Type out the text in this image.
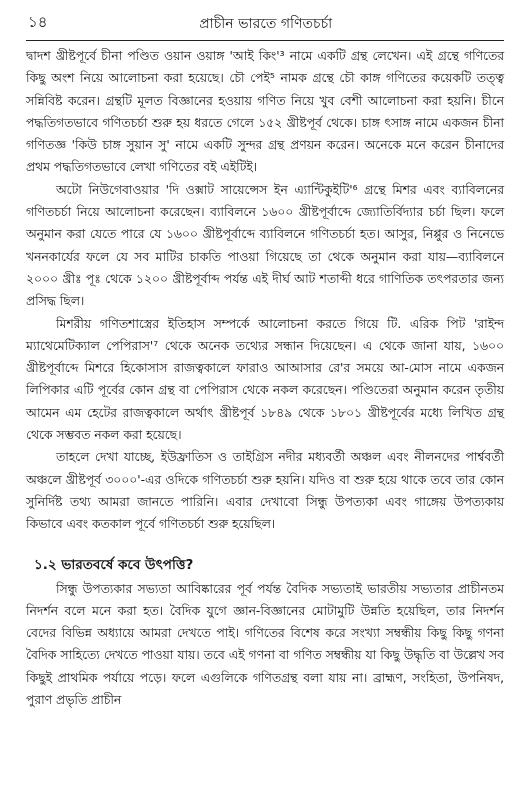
১৪	প্রাচীন ভারতে গণিতচর্চা

দ্বাদশ খ্রীষ্টপূর্বে চীনা পণ্ডিত ওয়ান ওয়াঙ্গ 'আই কিং'³ নামে একটি গ্রন্থ লেখেন। এই গ্রন্থে গণিতের কিছু অংশ নিয়ে আলোচনা করা হয়েছে। চৌ পেই⁵ নামক গ্রন্থে চৌ কাঙ্গ গণিতের কয়েকটি তত্ত্ব সন্নিবিষ্ট করেন। গ্রন্থটি মূলত বিজ্ঞানের হওয়ায় গণিত নিয়ে খুব বেশী আলোচনা করা হয়নি। চীনে পদ্ধতিগতভাবে গণিতচর্চা শুরু হয় ধরতে গেলে ১৫২ খ্রীষ্টপূর্ব থেকে। চাঙ্গ ৎসাঙ্গ নামে একজন চীনা গণিতজ্ঞ 'কিউ চাঙ্গ সুয়ান সু' নামে একটি সুন্দর গ্রন্থ প্রণয়ন করেন। অনেকে মনে করেন চীনাদের প্রথম পদ্ধতিগতভাবে লেখা গণিতের বই এইটিই।

অটো নিউগেবাওয়ার 'দি ওক্সাট সায়েন্সেস ইন এ্যান্টিকুইটি'⁶ গ্রন্থে মিশর এবং ব্যাবিলনের গণিতচর্চা নিয়ে আলোচনা করেছেন। ব্যাবিলনে ১৬০০ খ্রীষ্টপূর্বাব্দে জ্যোতির্বিদ্যার চর্চা ছিল। ফলে অনুমান করা যেতে পারে যে ১৬০০ খ্রীষ্টপূর্বাব্দে ব্যাবিলনে গণিতচর্চা হত। আসুর, নিপ্পুর ও নিনেভে খননকার্যের ফলে যে সব মাটির চাকতি পাওয়া গিয়েছে তা থেকে অনুমান করা যায়—ব্যাবিলনে ২০০০ খ্রীঃ পূঃ থেকে ১২০০ খ্রীষ্টপূর্বাব্দ পর্যন্ত এই দীর্ঘ আট শতাব্দী ধরে গাণিতিক তৎপরতার জন্য প্রসিদ্ধ ছিল।

মিশরীয় গণিতশাস্ত্রের ইতিহাস সম্পর্কে আলোচনা করতে গিয়ে টি. এরিক পিট 'রাইন্দ ম্যাথেমেটিক্যাল পেপিরাস'⁷ থেকে অনেক তথ্যের সন্ধান দিয়েছেন। এ থেকে জানা যায়, ১৬০০ খ্রীষ্টপূর্বাব্দে মিশরে হিকোসাস রাজত্বকালে ফারাও আআসার রে'র সময়ে আ-মোস নামে একজন লিপিকার এটি পূর্বের কোন গ্রন্থ বা পেপিরাস থেকে নকল করেছেন। পণ্ডিতেরা অনুমান করেন তৃতীয় আমেন এম হেটের রাজত্বকালে অর্থাৎ খ্রীষ্টপূর্ব ১৮৪৯ থেকে ১৮০১ খ্রীষ্টপূর্বের মধ্যে লিখিত গ্রন্থ থেকে সম্ভবত নকল করা হয়েছে।

তাহলে দেখা যাচ্ছে, ইউফ্রাতিস ও তাইগ্রিস নদীর মধ্যবর্তী অঞ্চল এবং নীলনদের পার্শ্ববর্তী অঞ্চলে খ্রীষ্টপূর্ব ৩০০০'-এর ওদিকে গণিতচর্চা শুরু হয়নি। যদিও বা শুরু হয়ে থাকে তবে তার কোন সুনির্দিষ্ট তথ্য আমরা জানতে পারিনি। এবার দেখাবো সিন্ধু উপত্যকা এবং গাঙ্গেয় উপত্যকায় কিভাবে এবং কতকাল পূর্বে গণিতচর্চা শুরু হয়েছিল।

১.২ ভারতবর্ষে কবে উৎপত্তি?

সিন্ধু উপত্যকার সভ্যতা আবিষ্কারের পূর্ব পর্যন্ত বৈদিক সভ্যতাই ভারতীয় সভ্যতার প্রাচীনতম নিদর্শন বলে মনে করা হত। বৈদিক যুগে জ্ঞান-বিজ্ঞানের মোটামুটি উন্নতি হয়েছিল, তার নিদর্শন বেদের বিভিন্ন অধ্যায়ে আমরা দেখতে পাই। গণিতের বিশেষ করে সংখ্যা সম্বন্ধীয় কিছু কিছু গণনা বৈদিক সাহিত্যে দেখতে পাওয়া যায়। তবে এই গণনা বা গণিত সম্বন্ধীয় যা কিছু উদ্ধৃতি বা উল্লেখ সব কিছুই প্রাথমিক পর্যায়ে পড়ে। ফলে এগুলিকে গণিতগ্রন্থ বলা যায় না। ব্রাহ্মণ, সংহিতা, উপনিষদ, পুরাণ প্রভৃতি প্রাচীন
